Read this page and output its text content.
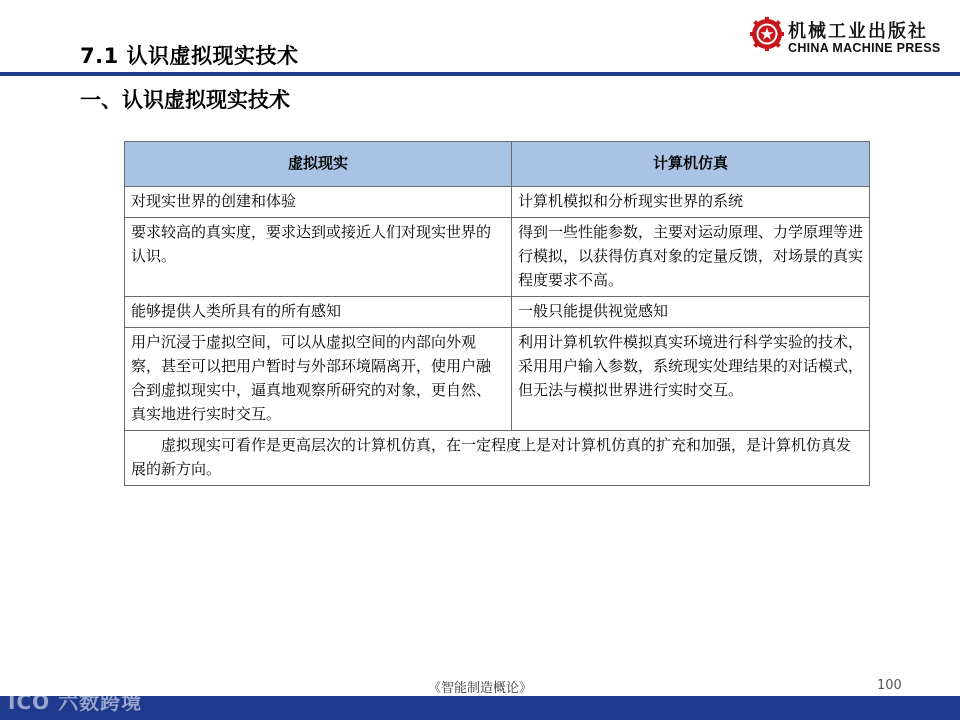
7.1 认识虚拟现实技术
机械工业出版社
CHINA MACHINE PRESS
一、认识虚拟现实技术
虚拟现实	计算机仿真
对现实世界的创建和体验	计算机模拟和分析现实世界的系统
要求较高的真实度，要求达到或接近人们对现实世界的认识。	得到一些性能参数，主要对运动原理、力学原理等进行模拟，以获得仿真对象的定量反馈，对场景的真实程度要求不高。
能够提供人类所具有的所有感知	一般只能提供视觉感知
用户沉浸于虚拟空间，可以从虚拟空间的内部向外观察，甚至可以把用户暂时与外部环境隔离开，使用户融合到虚拟现实中，逼真地观察所研究的对象，更自然、真实地进行实时交互。	利用计算机软件模拟真实环境进行科学实验的技术，采用用户输入参数，系统现实处理结果的对话模式，但无法与模拟世界进行实时交互。
虚拟现实可看作是更高层次的计算机仿真，在一定程度上是对计算机仿真的扩充和加强，是计算机仿真发展的新方向。	
《智能制造概论》	100
ICO 六数跨境
